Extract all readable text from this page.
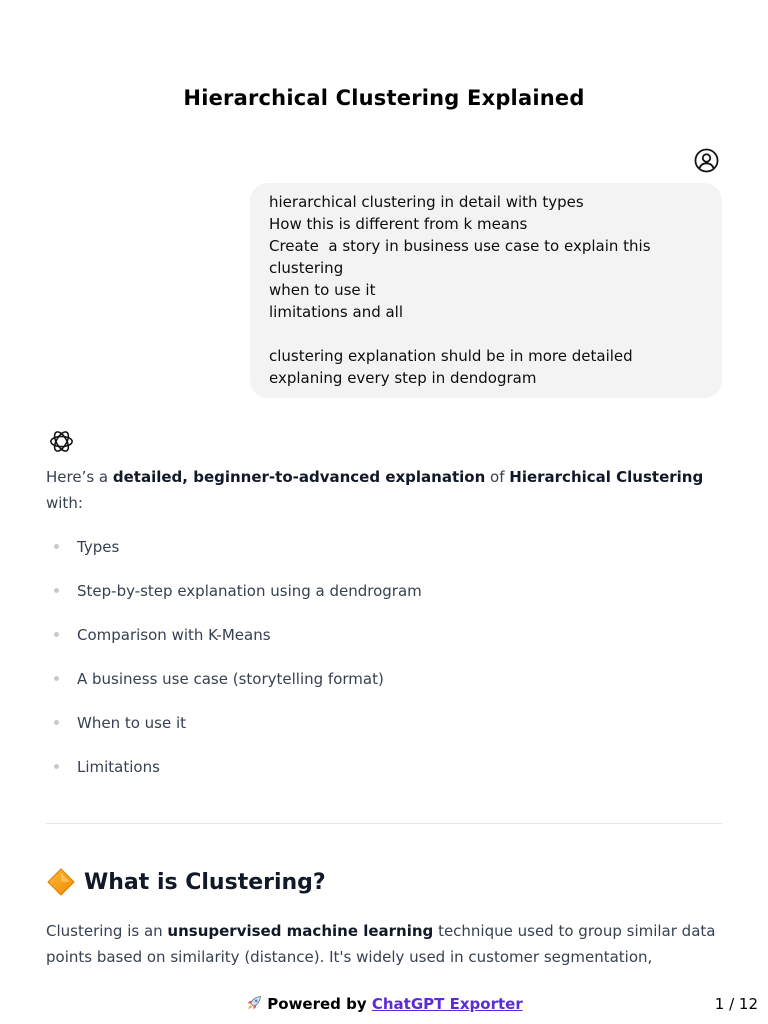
Hierarchical Clustering Explained
hierarchical clustering in detail with types
How this is different from k means
Create  a story in business use case to explain this
clustering
when to use it
limitations and all
clustering explanation shuld be in more detailed
explaning every step in dendogram
Here’s a detailed, beginner-to-advanced explanation of Hierarchical Clustering with:
Types
Step-by-step explanation using a dendrogram
Comparison with K-Means
A business use case (storytelling format)
When to use it
Limitations
What is Clustering?
Clustering is an unsupervised machine learning technique used to group similar data points based on similarity (distance). It's widely used in customer segmentation,
Powered by ChatGPT Exporter	1 / 12
